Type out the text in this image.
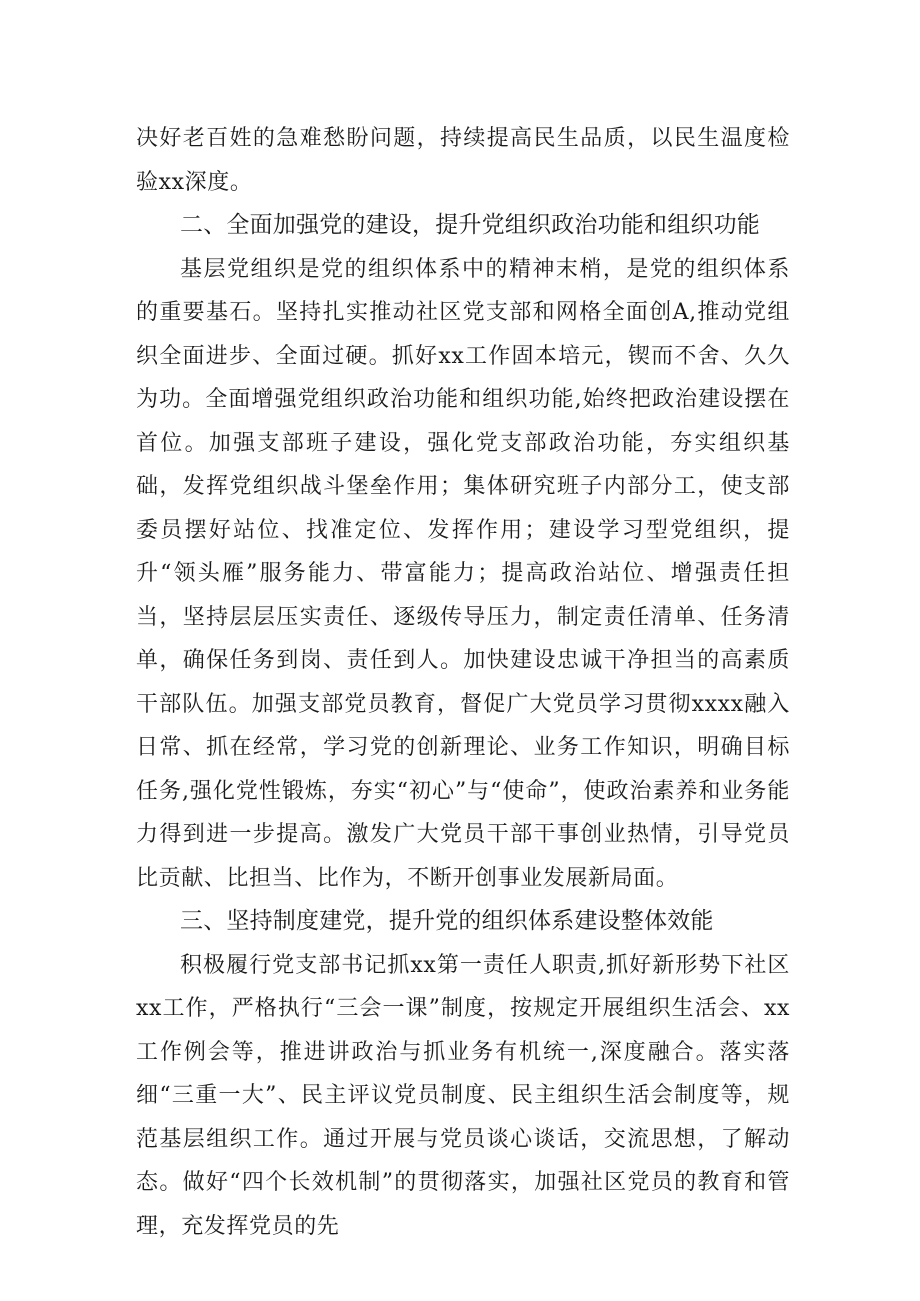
决好老百姓的急难愁盼问题，持续提高民生品质，以民生温度检验xx深度。

二、全面加强党的建设，提升党组织政治功能和组织功能

基层党组织是党的组织体系中的精神末梢，是党的组织体系的重要基石。坚持扎实推动社区党支部和网格全面创A,推动党组织全面进步、全面过硬。抓好xx工作固本培元，锲而不舍、久久为功。全面增强党组织政治功能和组织功能,始终把政治建设摆在首位。加强支部班子建设，强化党支部政治功能，夯实组织基础，发挥党组织战斗堡垒作用；集体研究班子内部分工，使支部委员摆好站位、找准定位、发挥作用；建设学习型党组织，提升“领头雁”服务能力、带富能力；提高政治站位、增强责任担当，坚持层层压实责任、逐级传导压力，制定责任清单、任务清单，确保任务到岗、责任到人。加快建设忠诚干净担当的高素质干部队伍。加强支部党员教育，督促广大党员学习贯彻xxxx融入日常、抓在经常，学习党的创新理论、业务工作知识，明确目标任务,强化党性锻炼，夯实“初心”与“使命”，使政治素养和业务能力得到进一步提高。激发广大党员干部干事创业热情，引导党员比贡献、比担当、比作为，不断开创事业发展新局面。

三、坚持制度建党，提升党的组织体系建设整体效能

积极履行党支部书记抓xx第一责任人职责,抓好新形势下社区xx工作，严格执行“三会一课”制度，按规定开展组织生活会、xx工作例会等，推进讲政治与抓业务有机统一,深度融合。落实落细“三重一大”、民主评议党员制度、民主组织生活会制度等，规范基层组织工作。通过开展与党员谈心谈话，交流思想，了解动态。做好“四个长效机制”的贯彻落实，加强社区党员的教育和管理，充发挥党员的先
